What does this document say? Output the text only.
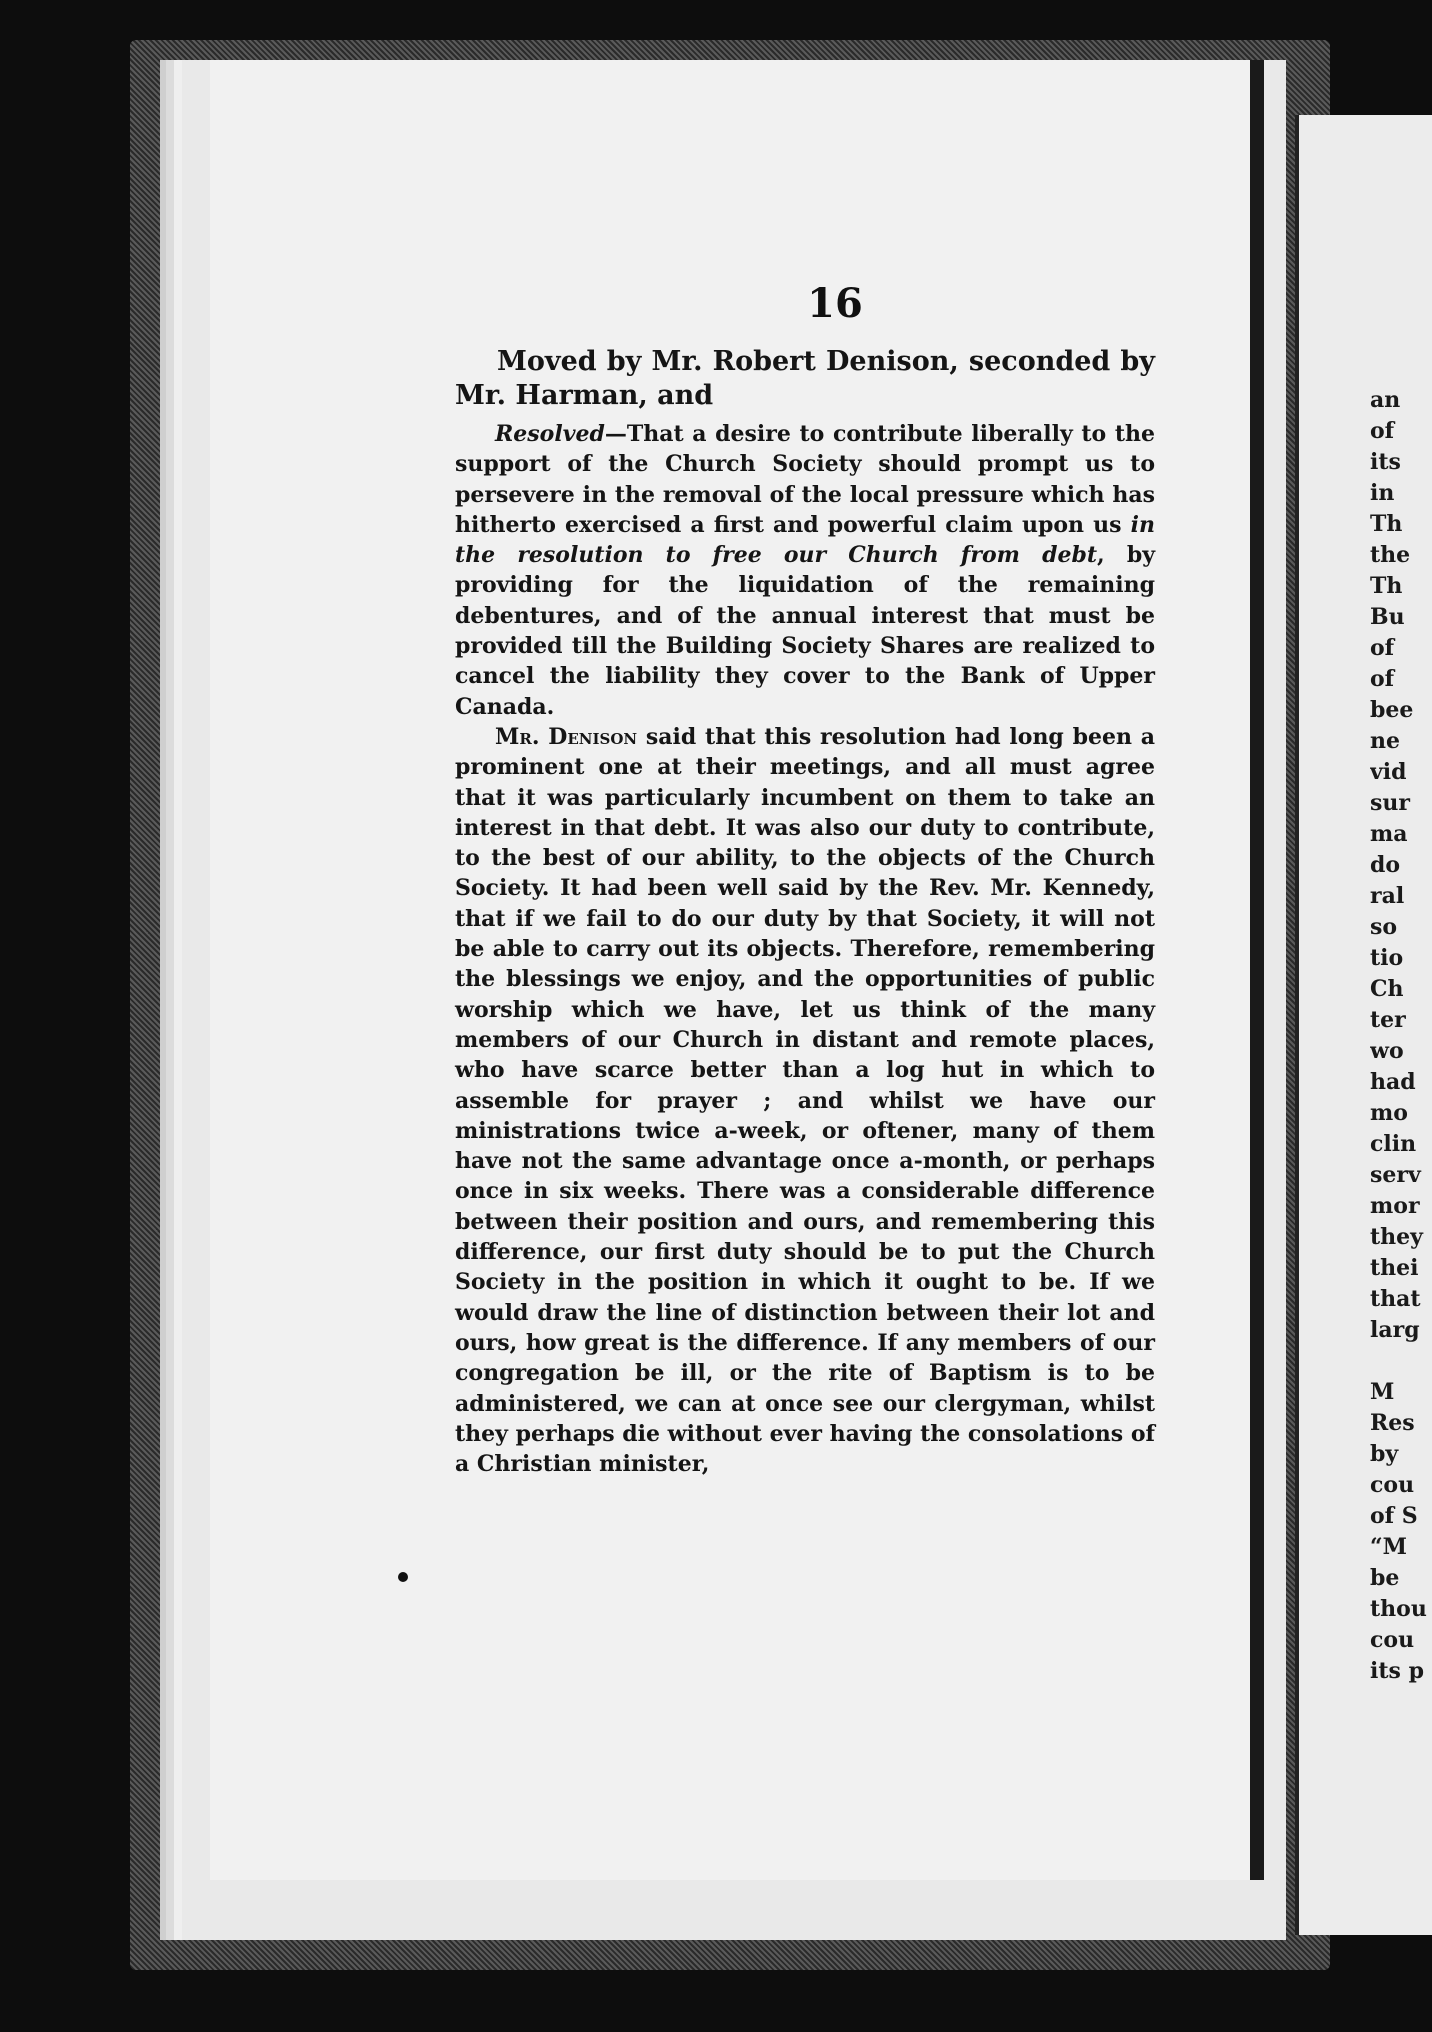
16

Moved by Mr. Robert Denison, seconded by Mr. Harman, and

Resolved—That a desire to contribute liberally to the support of the Church Society should prompt us to persevere in the removal of the local pressure which has hitherto exercised a first and powerful claim upon us in the resolution to free our Church from debt, by providing for the liquidation of the remaining debentures, and of the annual interest that must be provided till the Building Society Shares are realized to cancel the liability they cover to the Bank of Upper Canada.

Mr. Denison said that this resolution had long been a prominent one at their meetings, and all must agree that it was particularly incumbent on them to take an interest in that debt. It was also our duty to contribute, to the best of our ability, to the objects of the Church Society. It had been well said by the Rev. Mr. Kennedy, that if we fail to do our duty by that Society, it will not be able to carry out its objects. Therefore, remembering the blessings we enjoy, and the opportunities of public worship which we have, let us think of the many members of our Church in distant and remote places, who have scarce better than a log hut in which to assemble for prayer ; and whilst we have our ministrations twice a-week, or oftener, many of them have not the same advantage once a-month, or perhaps once in six weeks. There was a considerable difference between their position and ours, and remembering this difference, our first duty should be to put the Church Society in the position in which it ought to be. If we would draw the line of distinction between their lot and ours, how great is the difference. If any members of our congregation be ill, or the rite of Baptism is to be administered, we can at once see our clergyman, whilst they perhaps die without ever having the consolations of a Christian minister,

an
of
its
in
Th
the
Th
Bu
of
of
bee
ne
vid
sur
ma
do
ral
so
tio
Ch
ter
wo
had
mo
clin
serv
mor
they
thei
that
larg
M
Res
by
cou
of S
“M
be
thou
cou
its p
